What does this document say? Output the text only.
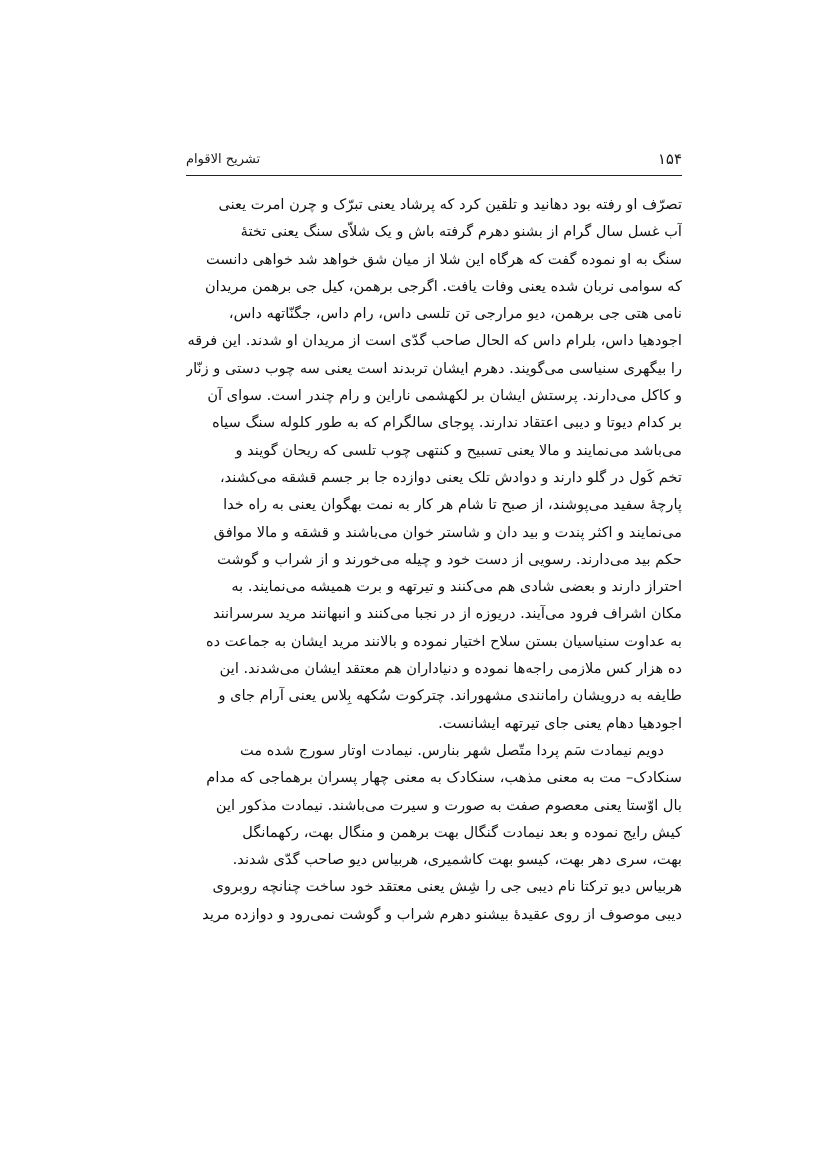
۱۵۴
تشریح الاقوام
تصرّف او رفته بود دهانید و تلقین کرد که پرشاد یعنی تبرّک و چرن امرت یعنی
آب غسل سال گرام از بشنو دهرم گرفته باش و یک شلاّی سنگ یعنی تختهٔ
سنگ به او نموده گفت که هرگاه این شلا از میان شق خواهد شد خواهی دانست
که سوامی نربان شده یعنی وفات یافت. اگرجی برهمن، کیل جی برهمن مریدان
نامی هتی جی برهمن، دیو مرارجی تن تلسی داس، رام داس، جگنّاتهه داس،
اجودهیا داس، بلرام داس که الحال صاحب گدّی است از مریدان او شدند. این فرقه
را بیگهری سنیاسی می‌گویند. دهرم ایشان تربدند است یعنی سه چوب دستی و زنّار
و کاکل می‌دارند. پرستش ایشان بر لکهشمی ناراین و رام چندر است. سوای آن
بر کدام دیوتا و دیبی اعتقاد ندارند. پوجای سالگرام که به طور کلوله سنگ سیاه
می‌باشد می‌نمایند و مالا یعنی تسبیح و کنتهی چوب تلسی که ریحان گویند و
تخم کَول در گلو دارند و دوادش تلک یعنی دوازده جا بر جسم قشقه می‌کشند،
پارچهٔ سفید می‌پوشند، از صبح تا شام هر کار به نمت بهگوان یعنی به راه خدا
می‌نمایند و اکثر پندت و بید دان و شاستر خوان می‌باشند و قشقه و مالا موافق
حکم بید می‌دارند. رسویی از دست خود و چیله می‌خورند و از شراب و گوشت
احتراز دارند و بعضی شادی هم می‌کنند و تیرتهه و برت همیشه می‌نمایند. به
مکان اشراف فرود می‌آیند. دریوزه از در نجبا می‌کنند و انبهانند مرید سرسرانند
به عداوت سنیاسیان بستن سلاح اختیار نموده و بالانند مرید ایشان به جماعت ده
ده هزار کس ملازمی راجه‌ها نموده و دنیاداران هم معتقد ایشان می‌شدند. این
طایفه به درویشان رامانندی مشهوراند. چترکوت سُکهه بِلاس یعنی آرام جای و
اجودهیا دهام یعنی جای تیرتهه ایشانست.
دویم نیمادت سَم پردا متّصل شهر بنارس. نیمادت اوتار سورج شده مت
سنکادک– مت به معنی مذهب، سنکادک به معنی چهار پسران برهماجی که مدام
بال اوّستا یعنی معصوم صفت به صورت و سیرت می‌باشند. نیمادت مذکور این
کیش رایج نموده و بعد نیمادت گنگال بهت برهمن و منگال بهت، رکهمانگل
بهت، سری دهر بهت، کیسو بهت کاشمیری، هربیاس دیو صاحب گدّی شدند.
هربیاس دیو ترکتا نام دیبی جی را شِش یعنی معتقد خود ساخت چنانچه روبروی
دیبی موصوف از روی عقیدهٔ بیشنو دهرم شراب و گوشت نمی‌رود و دوازده مرید
